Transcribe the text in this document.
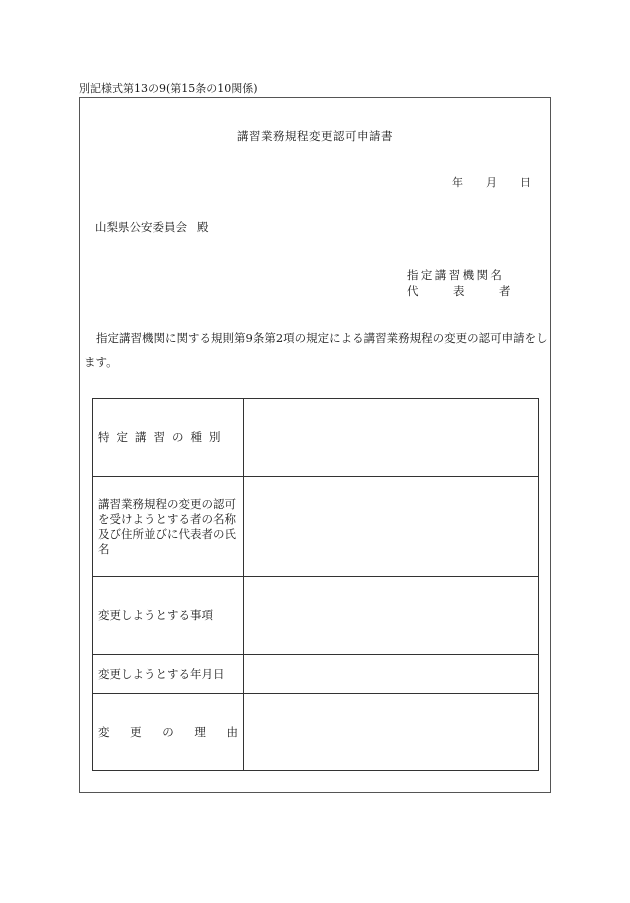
別記様式第13の9(第15条の10関係)
講習業務規程変更認可申請書
年 月 日
山梨県公安委員会 殿
指定講習機関名
代	表	者
指定講習機関に関する規則第9条第2項の規定による講習業務規程の変更の認可申請をします。
特定講習の種別	
講習業務規程の変更の認可を受けようとする者の名称及び住所並びに代表者の氏名	
変更しようとする事項	
変更しようとする年月日	

変 更 の 理 由	
